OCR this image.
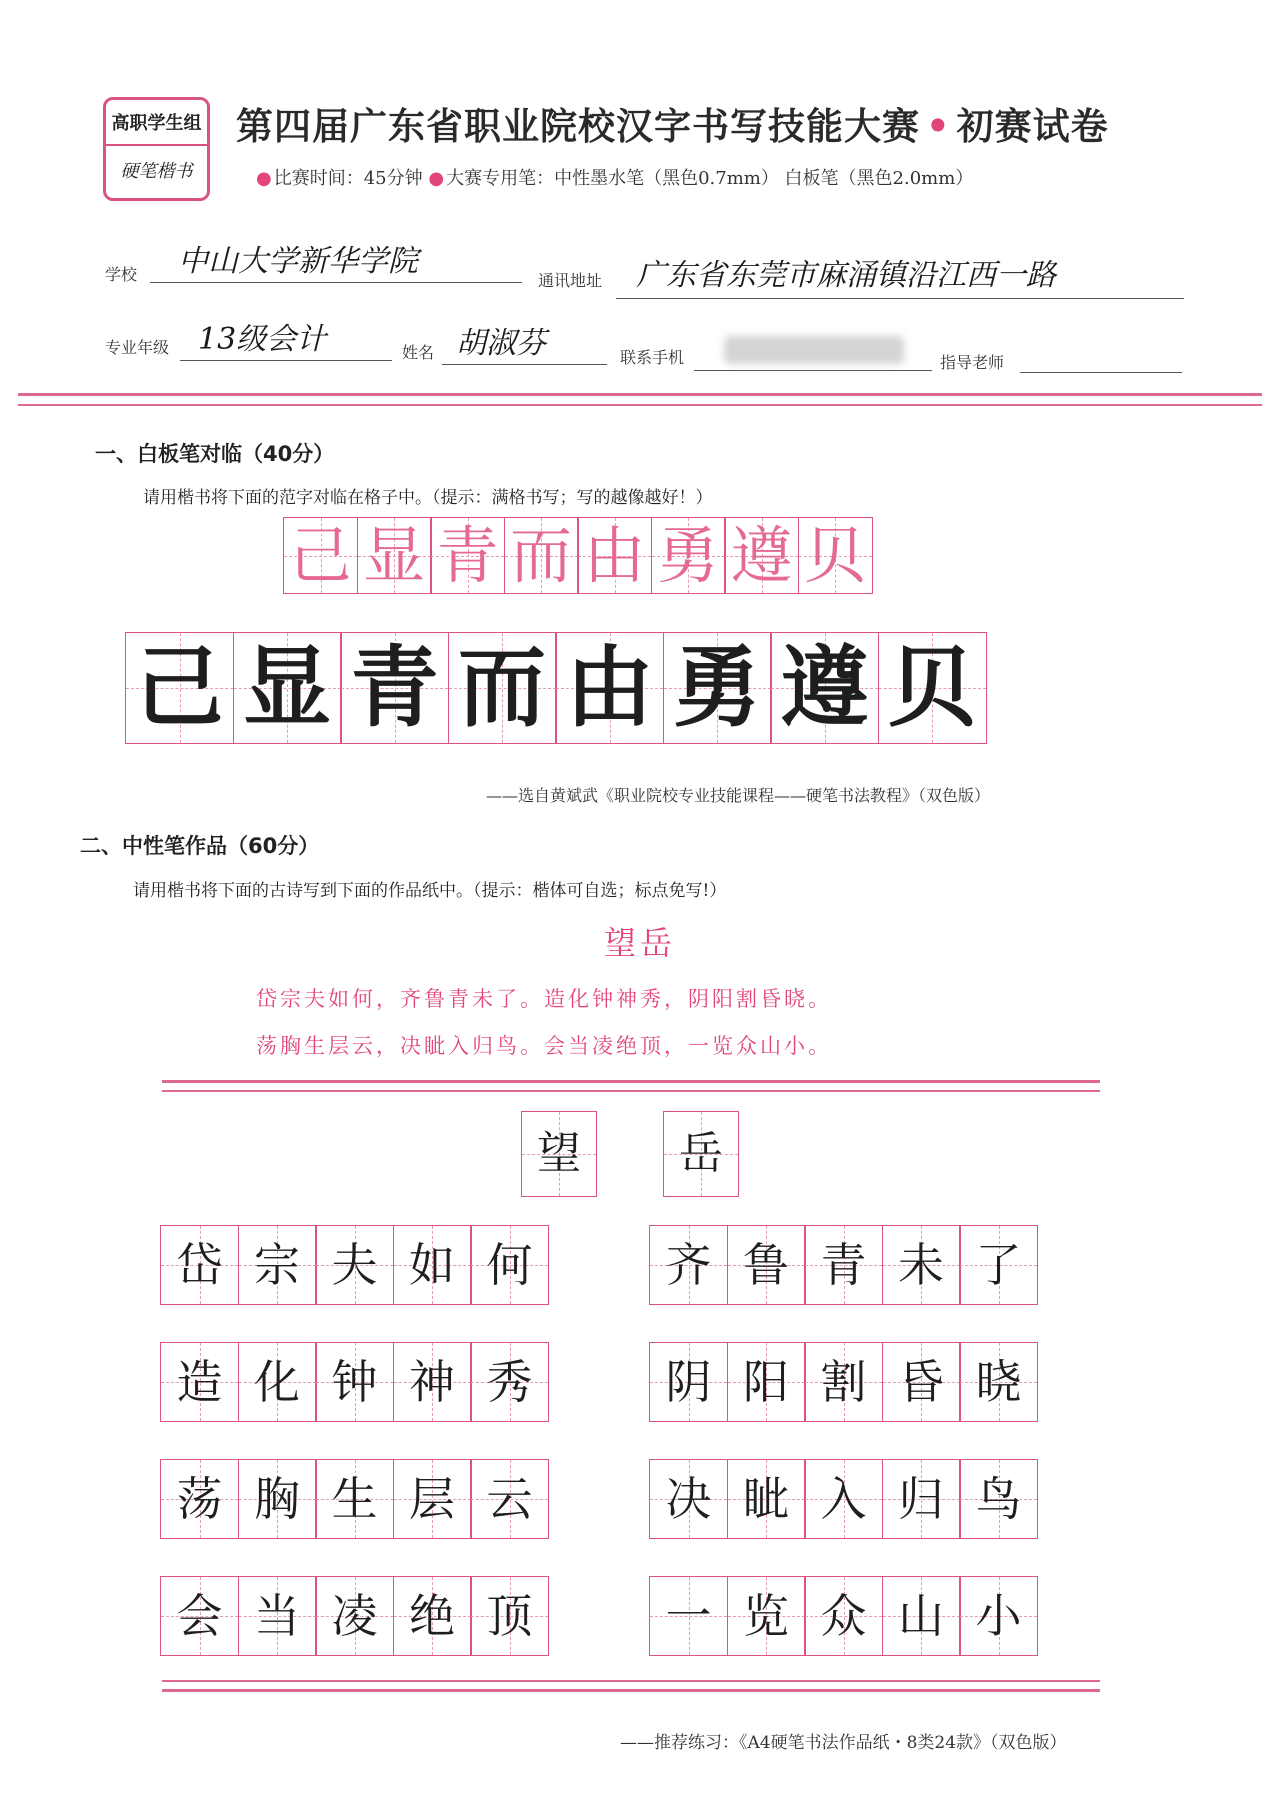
高职学生组
硬笔楷书
第四届广东省职业院校汉字书写技能大赛 • 初赛试卷
● 比赛时间：45分钟 ● 大赛专用笔：中性墨水笔（黑色0.7mm） 白板笔（黑色2.0mm）
学校 中山大学新华学院
通讯地址 广东省东莞市麻涌镇沿江西一路
专业年级 13级会计	姓名 胡淑芬	联系手机	指导老师
一、白板笔对临（40分）
请用楷书将下面的范字对临在格子中。（提示：满格书写；写的越像越好！）
己 显 青 而 由 勇 遵 贝
己 显 青 而 由 勇 遵 贝
——选自黄斌武《职业院校专业技能课程——硬笔书法教程》（双色版）
二、中性笔作品（60分）
请用楷书将下面的古诗写到下面的作品纸中。（提示：楷体可自选；标点免写!）
望岳
岱宗夫如何，齐鲁青未了。造化钟神秀，阴阳割昏晓。
荡胸生层云，决眦入归鸟。会当凌绝顶，一览众山小。
望 岳
岱 宗 夫 如 何	齐 鲁 青 未 了
造 化 钟 神 秀	阴 阳 割 昏 晓
荡 胸 生 层 云	决 眦 入 归 鸟
会 当 凌 绝 顶	一 览 众 山 小
——推荐练习：《A4硬笔书法作品纸・8类24款》（双色版）
